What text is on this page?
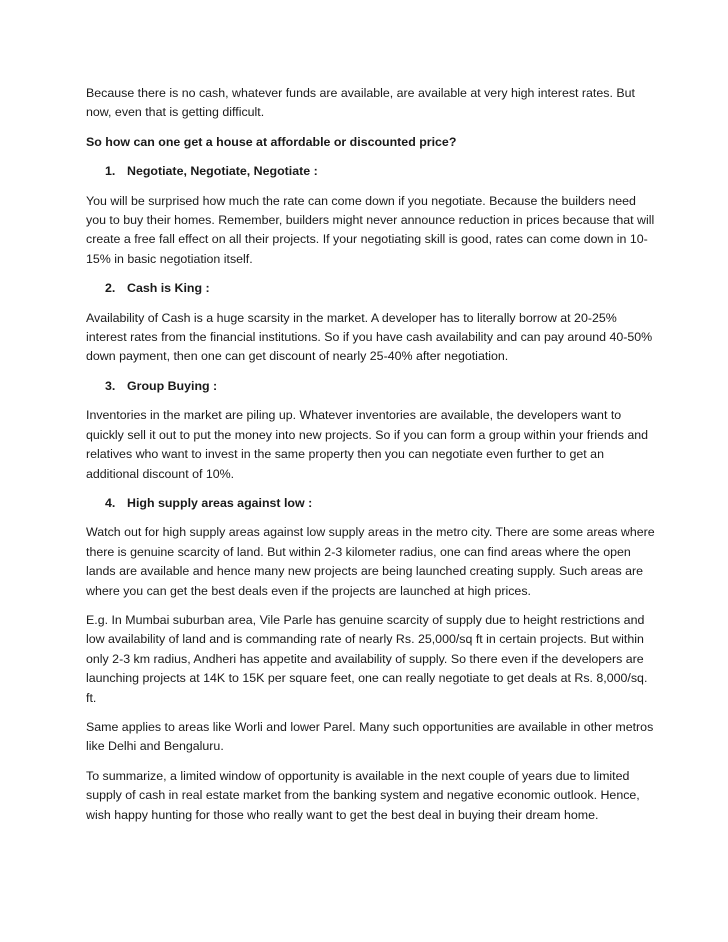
Because there is no cash, whatever funds are available, are available at very high interest rates. But now, even that is getting difficult.

So how can one get a house at affordable or discounted price?

1. Negotiate, Negotiate, Negotiate :

You will be surprised how much the rate can come down if you negotiate. Because the builders need you to buy their homes. Remember, builders might never announce reduction in prices because that will create a free fall effect on all their projects. If your negotiating skill is good, rates can come down in 10-15% in basic negotiation itself.

2. Cash is King :

Availability of Cash is a huge scarsity in the market. A developer has to literally borrow at 20-25% interest rates from the financial institutions. So if you have cash availability and can pay around 40-50% down payment, then one can get discount of nearly 25-40% after negotiation.

3. Group Buying :

Inventories in the market are piling up. Whatever inventories are available, the developers want to quickly sell it out to put the money into new projects. So if you can form a group within your friends and relatives who want to invest in the same property then you can negotiate even further to get an additional discount of 10%.

4. High supply areas against low :

Watch out for high supply areas against low supply areas in the metro city. There are some areas where there is genuine scarcity of land. But within 2-3 kilometer radius, one can find areas where the open lands are available and hence many new projects are being launched creating supply. Such areas are where you can get the best deals even if the projects are launched at high prices.

E.g. In Mumbai suburban area, Vile Parle has genuine scarcity of supply due to height restrictions and low availability of land and is commanding rate of nearly Rs. 25,000/sq ft in certain projects. But within only 2-3 km radius, Andheri has appetite and availability of supply. So there even if the developers are launching projects at 14K to 15K per square feet, one can really negotiate to get deals at Rs. 8,000/sq. ft.

Same applies to areas like Worli and lower Parel. Many such opportunities are available in other metros like Delhi and Bengaluru.

To summarize, a limited window of opportunity is available in the next couple of years due to limited supply of cash in real estate market from the banking system and negative economic outlook. Hence, wish happy hunting for those who really want to get the best deal in buying their dream home.
